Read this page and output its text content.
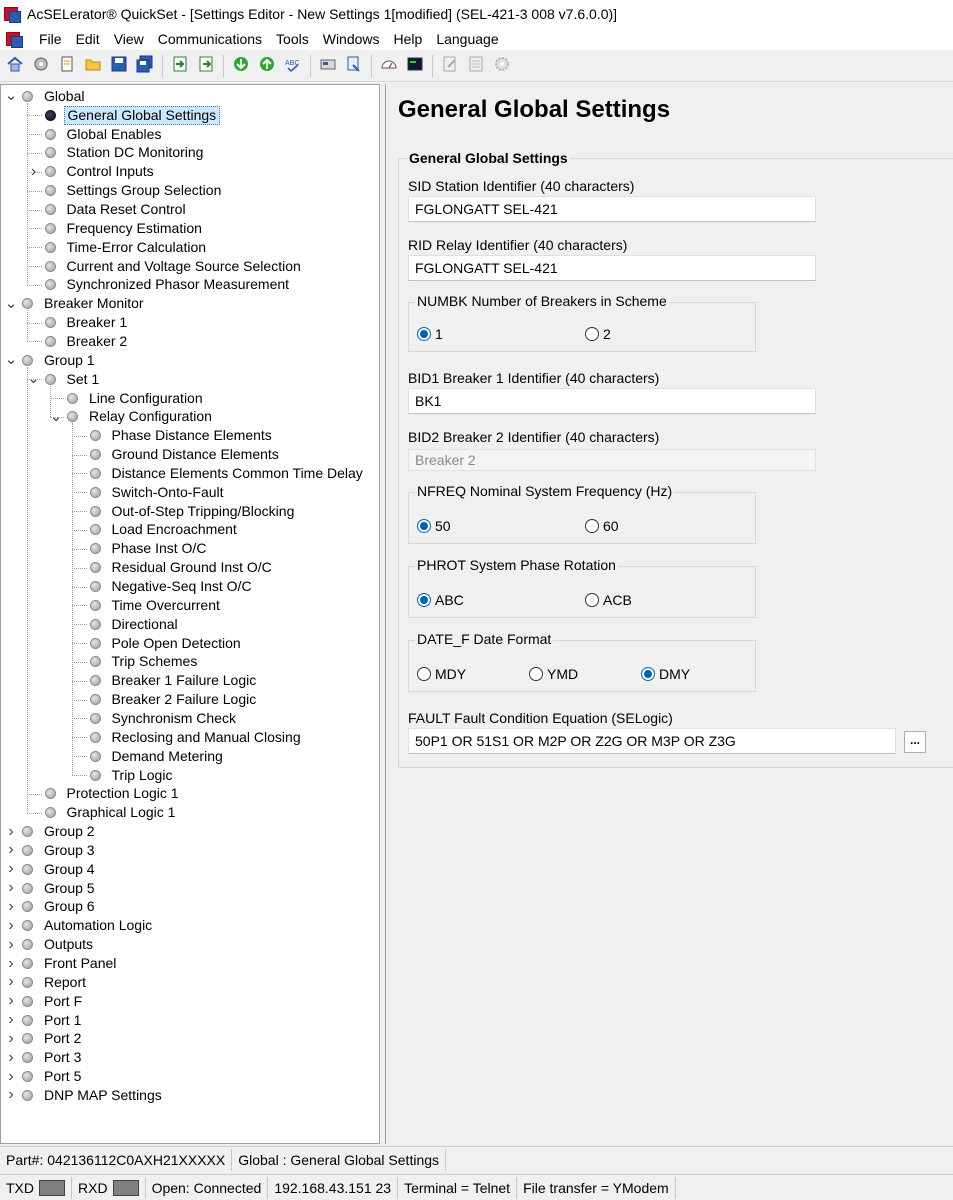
AcSELerator® QuickSet - [Settings Editor - New Settings 1[modified] (SEL-421-3 008 v7.6.0.0)]
File	Edit	View	Communications	Tools	Windows	Help	Language
ABC
⌄ Global
General Global Settings
Global Enables
Station DC Monitoring
› Control Inputs
Settings Group Selection
Data Reset Control
Frequency Estimation
Time-Error Calculation
Current and Voltage Source Selection
Synchronized Phasor Measurement
⌄ Breaker Monitor
Breaker 1
Breaker 2
⌄ Group 1
⌄ Set 1
Line Configuration
⌄ Relay Configuration
Phase Distance Elements
Ground Distance Elements
Distance Elements Common Time Delay
Switch-Onto-Fault
Out-of-Step Tripping/Blocking
Load Encroachment
Phase Inst O/C
Residual Ground Inst O/C
Negative-Seq Inst O/C
Time Overcurrent
Directional
Pole Open Detection
Trip Schemes
Breaker 1 Failure Logic
Breaker 2 Failure Logic
Synchronism Check
Reclosing and Manual Closing
Demand Metering
Trip Logic
Protection Logic 1
Graphical Logic 1
› Group 2
› Group 3
› Group 4
› Group 5
› Group 6
› Automation Logic
› Outputs
› Front Panel
› Report
› Port F
› Port 1
› Port 2
› Port 3
› Port 5
› DNP MAP Settings
General Global Settings
General Global Settings
SID Station Identifier (40 characters)
FGLONGATT SEL-421
RID Relay Identifier (40 characters)
FGLONGATT SEL-421
NUMBK Number of Breakers in Scheme
1	2
BID1 Breaker 1 Identifier (40 characters)
BK1
BID2 Breaker 2 Identifier (40 characters)
Breaker 2
NFREQ Nominal System Frequency (Hz)
50	60
PHROT System Phase Rotation
ABC	ACB
DATE_F Date Format
MDY	YMD	DMY
FAULT Fault Condition Equation (SELogic)
50P1 OR 51S1 OR M2P OR Z2G OR M3P OR Z3G	...
Part#: 042136112C0AXH21XXXXX Global : General Global Settings
TXD	RXD	Open: Connected 192.168.43.151 23 Terminal = Telnet File transfer = YModem
